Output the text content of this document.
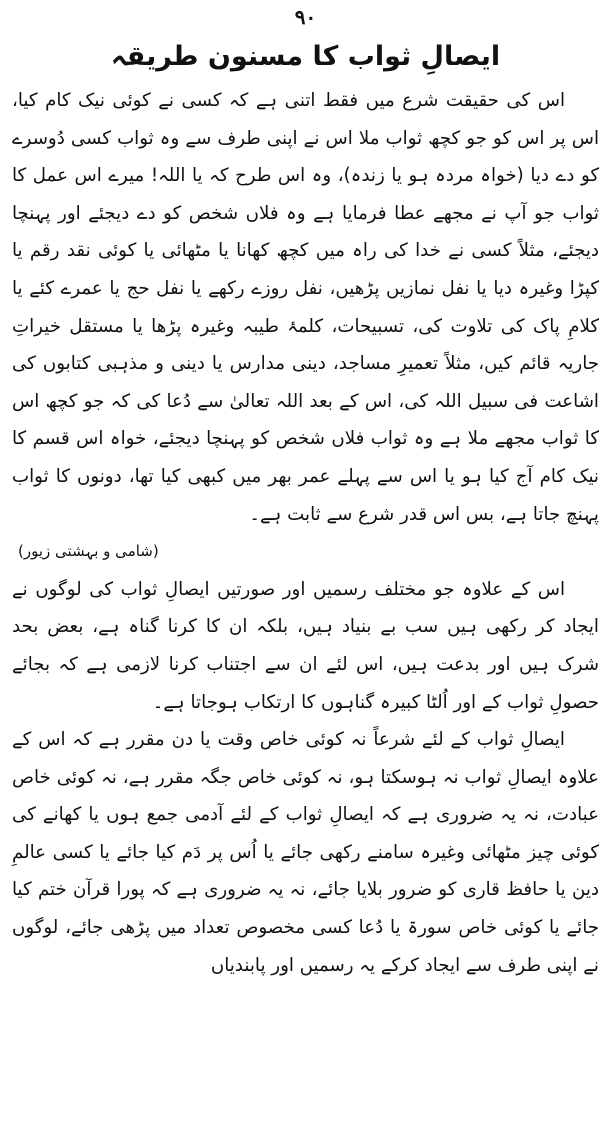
۹۰
ایصالِ ثواب کا مسنون طریقہ

اس کی حقیقت شرع میں فقط اتنی ہے کہ کسی نے کوئی نیک کام کیا، اس پر اس کو جو کچھ ثواب ملا اس نے اپنی طرف سے وہ ثواب کسی دُوسرے کو دے دیا (خواہ مردہ ہو یا زندہ)، وہ اس طرح کہ یا اللہ! میرے اس عمل کا ثواب جو آپ نے مجھے عطا فرمایا ہے وہ فلاں شخص کو دے دیجئے اور پہنچا دیجئے، مثلاً کسی نے خدا کی راہ میں کچھ کھانا یا مٹھائی یا کوئی نقد رقم یا کپڑا وغیرہ دیا یا نفل نمازیں پڑھیں، نفل روزے رکھے یا نفل حج یا عمرے کئے یا کلامِ پاک کی تلاوت کی، تسبیحات، کلمۂ طیبہ وغیرہ پڑھا یا مستقل خیراتِ جاریہ قائم کیں، مثلاً تعمیرِ مساجد، دینی مدارس یا دینی و مذہبی کتابوں کی اشاعت فی سبیل اللہ کی، اس کے بعد اللہ تعالیٰ سے دُعا کی کہ جو کچھ اس کا ثواب مجھے ملا ہے وہ ثواب فلاں شخص کو پہنچا دیجئے، خواہ اس قسم کا نیک کام آج کیا ہو یا اس سے پہلے عمر بھر میں کبھی کیا تھا، دونوں کا ثواب پہنچ جاتا ہے، بس اس قدر شرع سے ثابت ہے۔

(شامی و بہشتی زیور)

اس کے علاوہ جو مختلف رسمیں اور صورتیں ایصالِ ثواب کی لوگوں نے ایجاد کر رکھی ہیں سب بے بنیاد ہیں، بلکہ ان کا کرنا گناہ ہے، بعض بحد شرک ہیں اور بدعت ہیں، اس لئے ان سے اجتناب کرنا لازمی ہے کہ بجائے حصولِ ثواب کے اور اُلٹا کبیرہ گناہوں کا ارتکاب ہوجاتا ہے۔

ایصالِ ثواب کے لئے شرعاً نہ کوئی خاص وقت یا دن مقرر ہے کہ اس کے علاوہ ایصالِ ثواب نہ ہوسکتا ہو، نہ کوئی خاص جگہ مقرر ہے، نہ کوئی خاص عبادت، نہ یہ ضروری ہے کہ ایصالِ ثواب کے لئے آدمی جمع ہوں یا کھانے کی کوئی چیز مٹھائی وغیرہ سامنے رکھی جائے یا اُس پر دَم کیا جائے یا کسی عالمِ دین یا حافظ قاری کو ضرور بلایا جائے، نہ یہ ضروری ہے کہ پورا قرآن ختم کیا جائے یا کوئی خاص سورۃ یا دُعا کسی مخصوص تعداد میں پڑھی جائے، لوگوں نے اپنی طرف سے ایجاد کرکے یہ رسمیں اور پابندیاں
